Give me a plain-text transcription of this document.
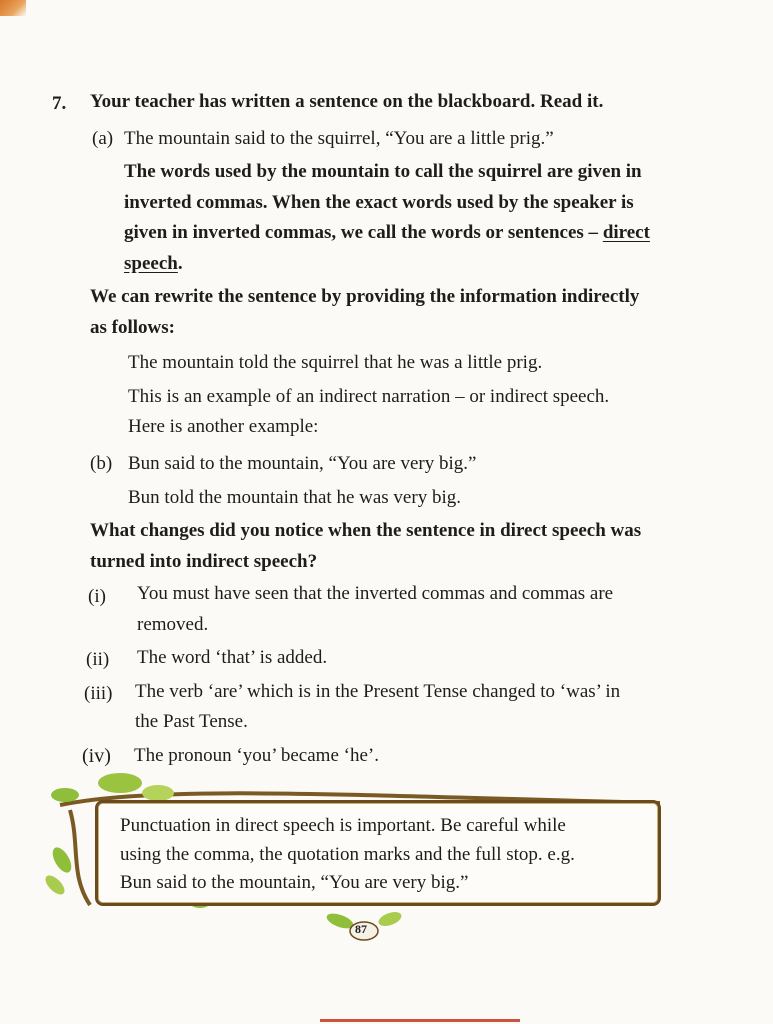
7. Your teacher has written a sentence on the blackboard. Read it.
(a) The mountain said to the squirrel, “You are a little prig.”
The words used by the mountain to call the squirrel are given in
inverted commas. When the exact words used by the speaker is
given in inverted commas, we call the words or sentences – direct
speech.
We can rewrite the sentence by providing the information indirectly
as follows:
The mountain told the squirrel that he was a little prig.
This is an example of an indirect narration – or indirect speech.
Here is another example:
(b) Bun said to the mountain, “You are very big.”
Bun told the mountain that he was very big.
What changes did you notice when the sentence in direct speech was
turned into indirect speech?
(i) You must have seen that the inverted commas and commas are
removed.
(ii) The word ‘that’ is added.
(iii) The verb ‘are’ which is in the Present Tense changed to ‘was’ in
the Past Tense.
(iv) The pronoun ‘you’ became ‘he’.
Punctuation in direct speech is important. Be careful while
using the comma, the quotation marks and the full stop. e.g.
Bun said to the mountain, “You are very big.”
87
